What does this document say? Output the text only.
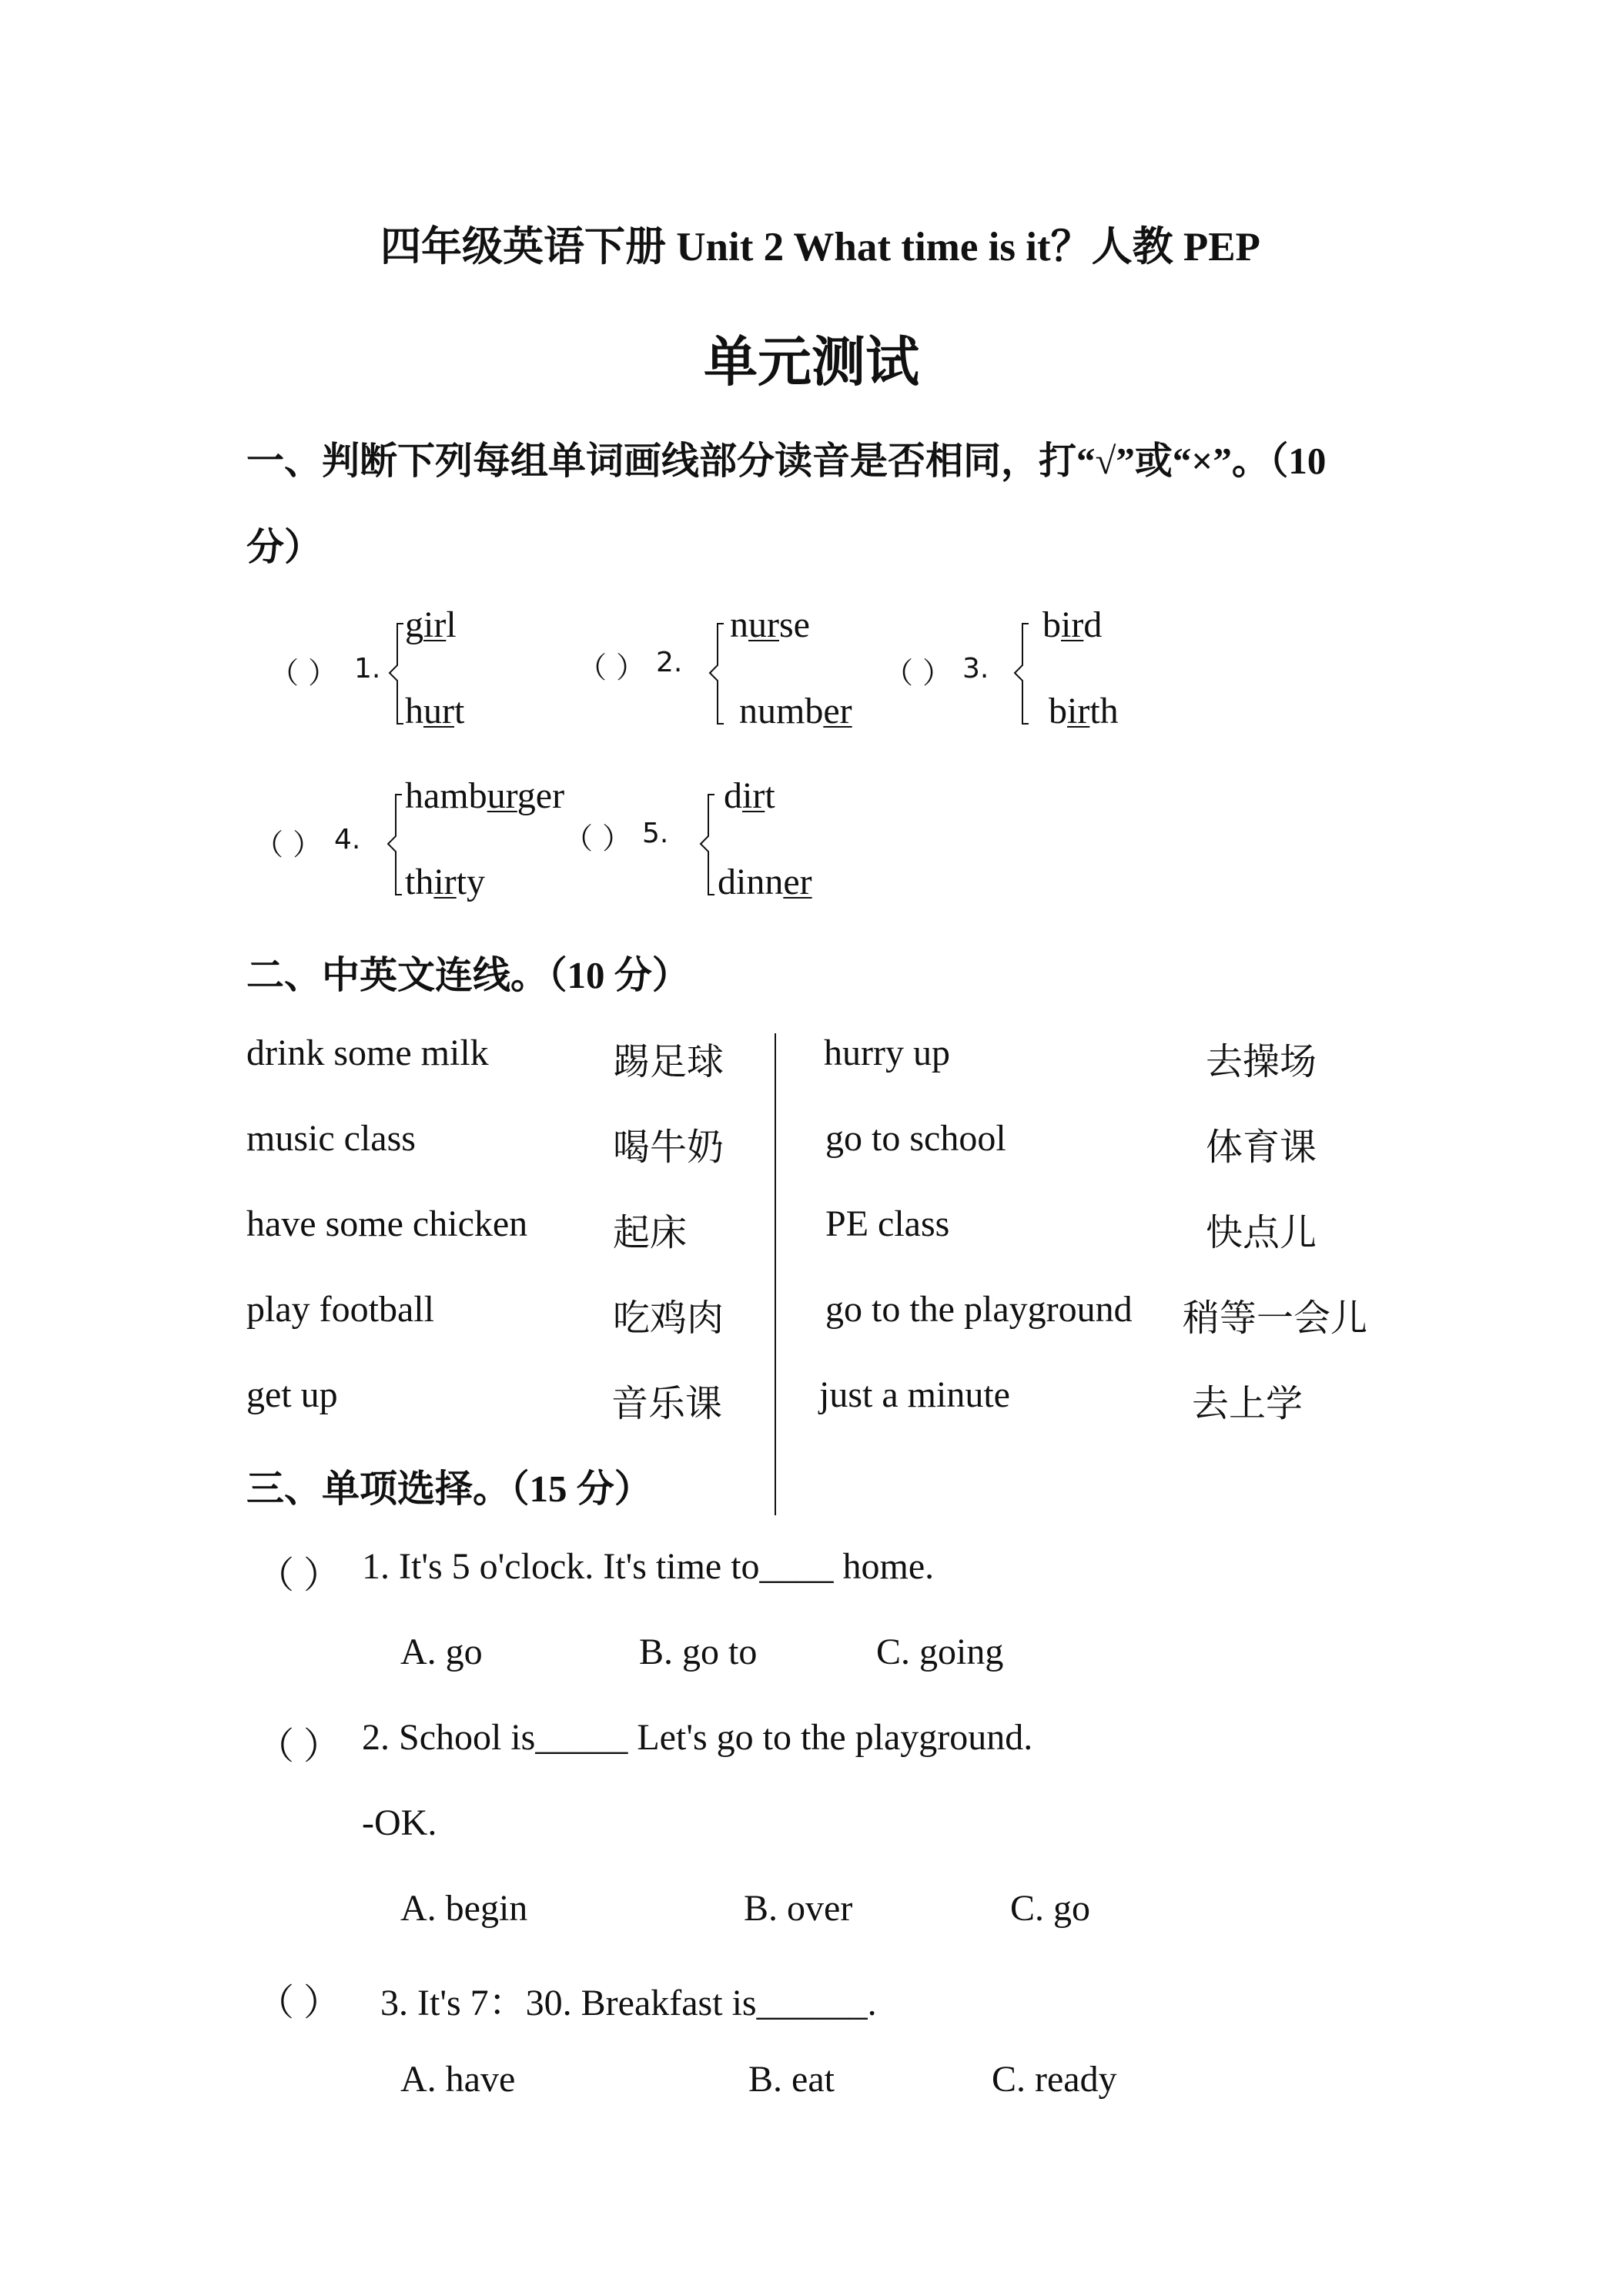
四年级英语下册 Unit 2 What time is it？人教 PEP
单元测试
一、判断下列每组单词画线部分读音是否相同，打“√”或“×”。（10
分）
（ ） 1.
girl
hurt
（ ） 2.
nurse
number
（ ） 3.
bird
birth
（ ） 4.
hamburger
thirty
（ ） 5.
dirt
dinner
二、中英文连线。（10 分）
drink some milk	踢足球
music class	喝牛奶
have some chicken 起床
play football	吃鸡肉
get up	音乐课
hurry up	去操场
go to school	体育课
PE class	快点儿
go to the playground 稍等一会儿
just a minute	去上学
三、单项选择。（15 分）
（ ） 1. It's 5 o'clock. It's time to____ home.
A. go	B. go to	C. going
（ ） 2. School is_____ Let's go to the playground.
-OK.
A. begin	B. over	C. go
（ ） 3. It's 7：30. Breakfast is______.
A. have	B. eat	C. ready
